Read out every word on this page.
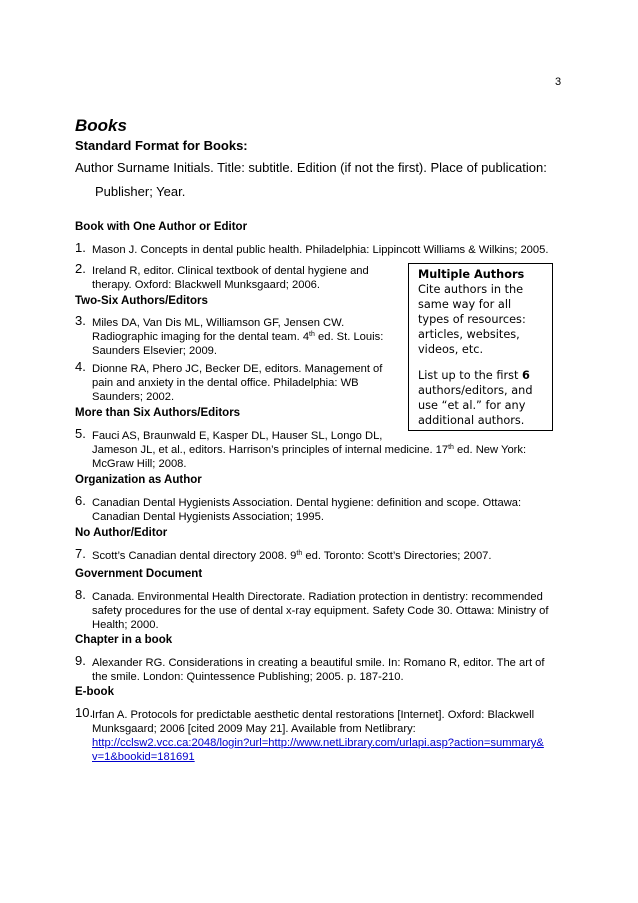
3
Books
Standard Format for Books:
Author Surname Initials. Title: subtitle. Edition (if not the first). Place of publication:
Publisher; Year.
Book with One Author or Editor
1. Mason J. Concepts in dental public health. Philadelphia: Lippincott Williams & Wilkins; 2005.
2. Ireland R, editor. Clinical textbook of dental hygiene and
therapy. Oxford: Blackwell Munksgaard; 2006.
Two-Six Authors/Editors
3. Miles DA, Van Dis ML, Williamson GF, Jensen CW.
Radiographic imaging for the dental team. 4th ed. St. Louis:
Saunders Elsevier; 2009.
4. Dionne RA, Phero JC, Becker DE, editors. Management of
pain and anxiety in the dental office. Philadelphia: WB
Saunders; 2002.
More than Six Authors/Editors
5. Fauci AS, Braunwald E, Kasper DL, Hauser SL, Longo DL,
Jameson JL, et al., editors. Harrison’s principles of internal medicine. 17th ed. New York:
McGraw Hill; 2008.
Organization as Author
6. Canadian Dental Hygienists Association. Dental hygiene: definition and scope. Ottawa:
Canadian Dental Hygienists Association; 1995.
No Author/Editor
7. Scott’s Canadian dental directory 2008. 9th ed. Toronto: Scott’s Directories; 2007.
Government Document
8. Canada. Environmental Health Directorate. Radiation protection in dentistry: recommended
safety procedures for the use of dental x-ray equipment. Safety Code 30. Ottawa: Ministry of
Health; 2000.
Chapter in a book
9. Alexander RG. Considerations in creating a beautiful smile. In: Romano R, editor. The art of
the smile. London: Quintessence Publishing; 2005. p. 187-210.
E-book
10.
Irfan A. Protocols for predictable aesthetic dental restorations [Internet]. Oxford: Blackwell
Munksgaard; 2006 [cited 2009 May 21]. Available from Netlibrary:
http://cclsw2.vcc.ca:2048/login?url=http://www.netLibrary.com/urlapi.asp?action=summary&
v=1&bookid=181691
Multiple Authors
Cite authors in the
same way for all
types of resources:
articles, websites,
videos, etc.
List up to the first 6
authors/editors, and
use “et al.” for any
additional authors.
